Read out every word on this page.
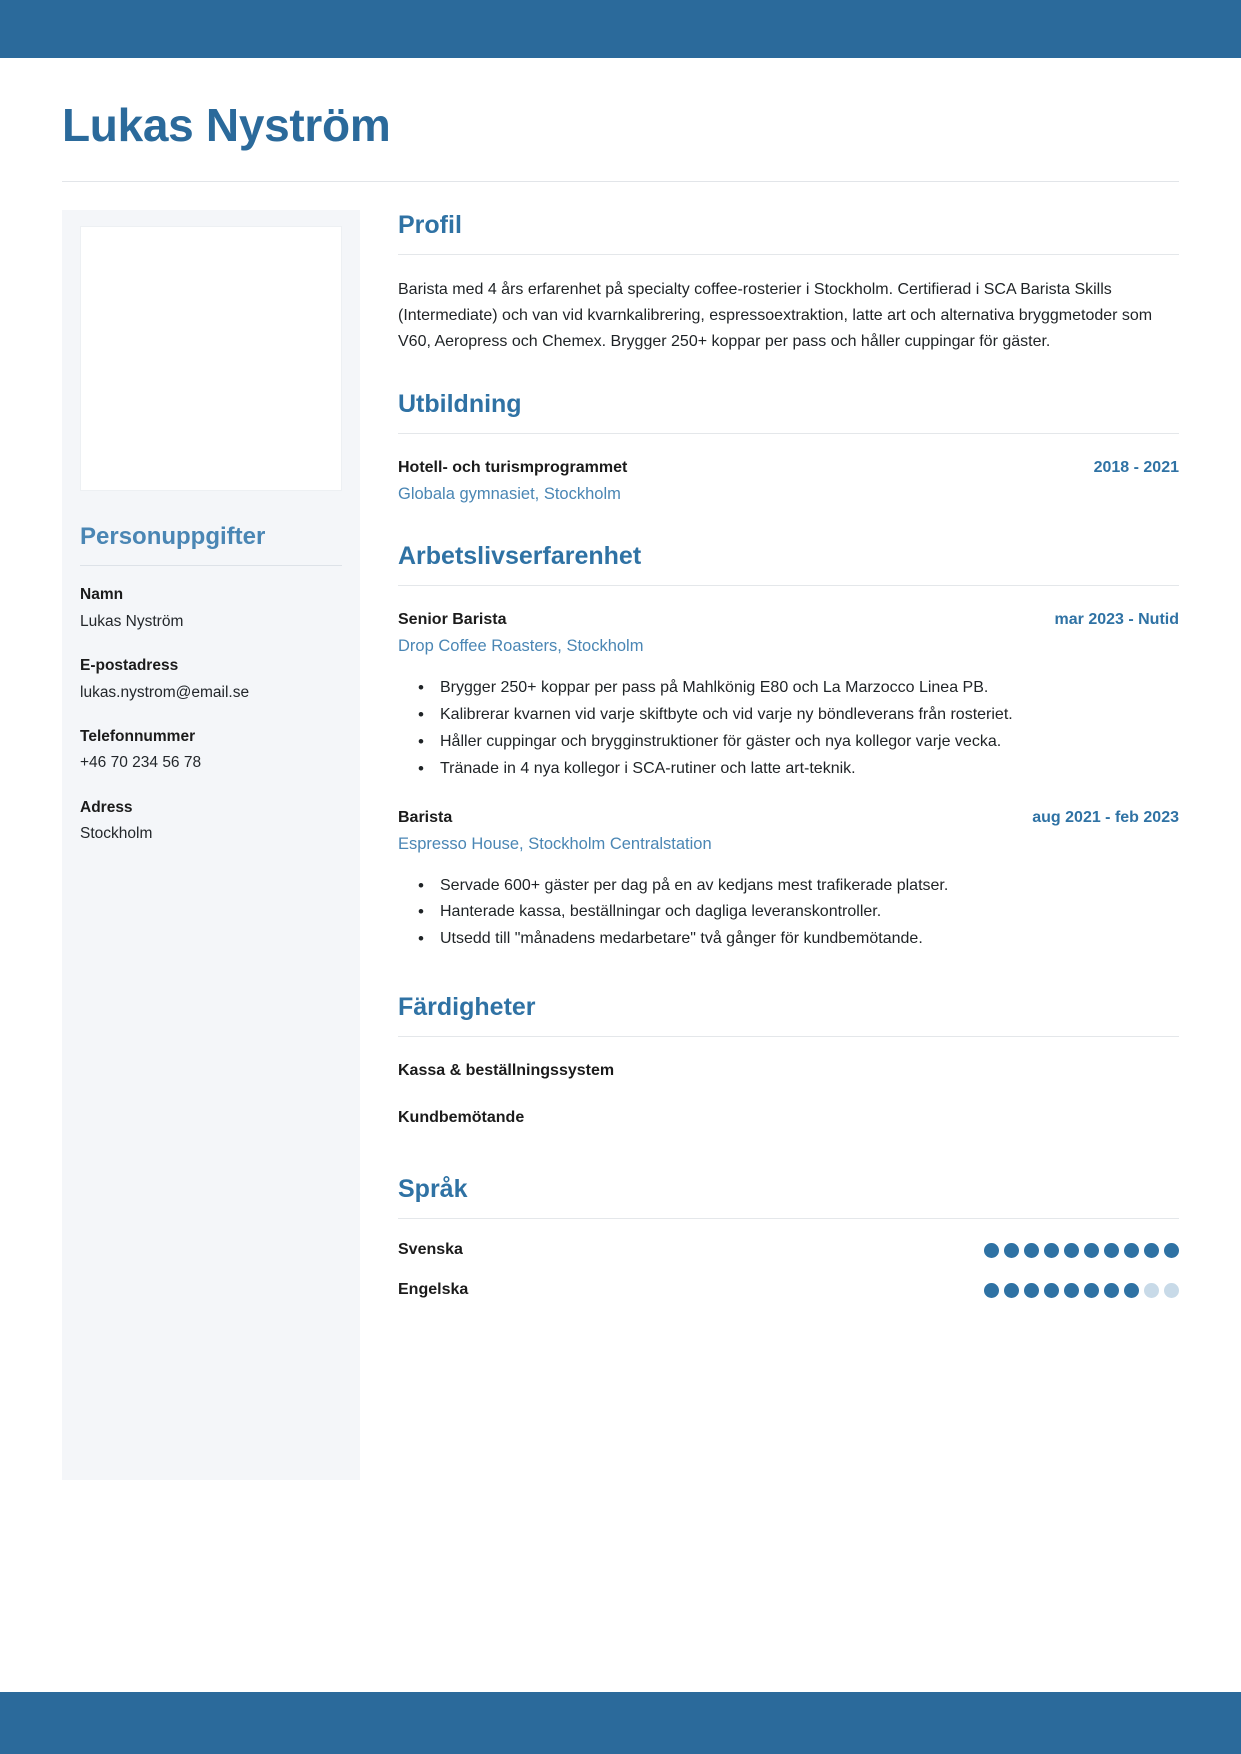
Lukas Nyström
Personuppgifter
Namn
Lukas Nyström
E-postadress
lukas.nystrom@email.se
Telefonnummer
+46 70 234 56 78
Adress
Stockholm
Profil

Barista med 4 års erfarenhet på specialty coffee-rosterier i Stockholm. Certifierad i SCA Barista Skills (Intermediate) och van vid kvarnkalibrering, espressoextraktion, latte art och alternativa bryggmetoder som V60, Aeropress och Chemex. Brygger 250+ koppar per pass och håller cuppingar för gäster.

Utbildning
Hotell- och turismprogrammet	2018 - 2021
Globala gymnasiet, Stockholm
Arbetslivserfarenhet
Senior Barista	mar 2023 - Nutid
Drop Coffee Roasters, Stockholm
• Brygger 250+ koppar per pass på Mahlkönig E80 och La Marzocco Linea PB.
• Kalibrerar kvarnen vid varje skiftbyte och vid varje ny böndleverans från rosteriet.
• Håller cuppingar och brygginstruktioner för gäster och nya kollegor varje vecka.
• Tränade in 4 nya kollegor i SCA-rutiner och latte art-teknik.
Barista	aug 2021 - feb 2023
Espresso House, Stockholm Centralstation
• Servade 600+ gäster per dag på en av kedjans mest trafikerade platser.
• Hanterade kassa, beställningar och dagliga leveranskontroller.
• Utsedd till "månadens medarbetare" två gånger för kundbemötande.
Färdigheter
Kassa & beställningssystem
Kundbemötande
Språk
Svenska
Engelska
